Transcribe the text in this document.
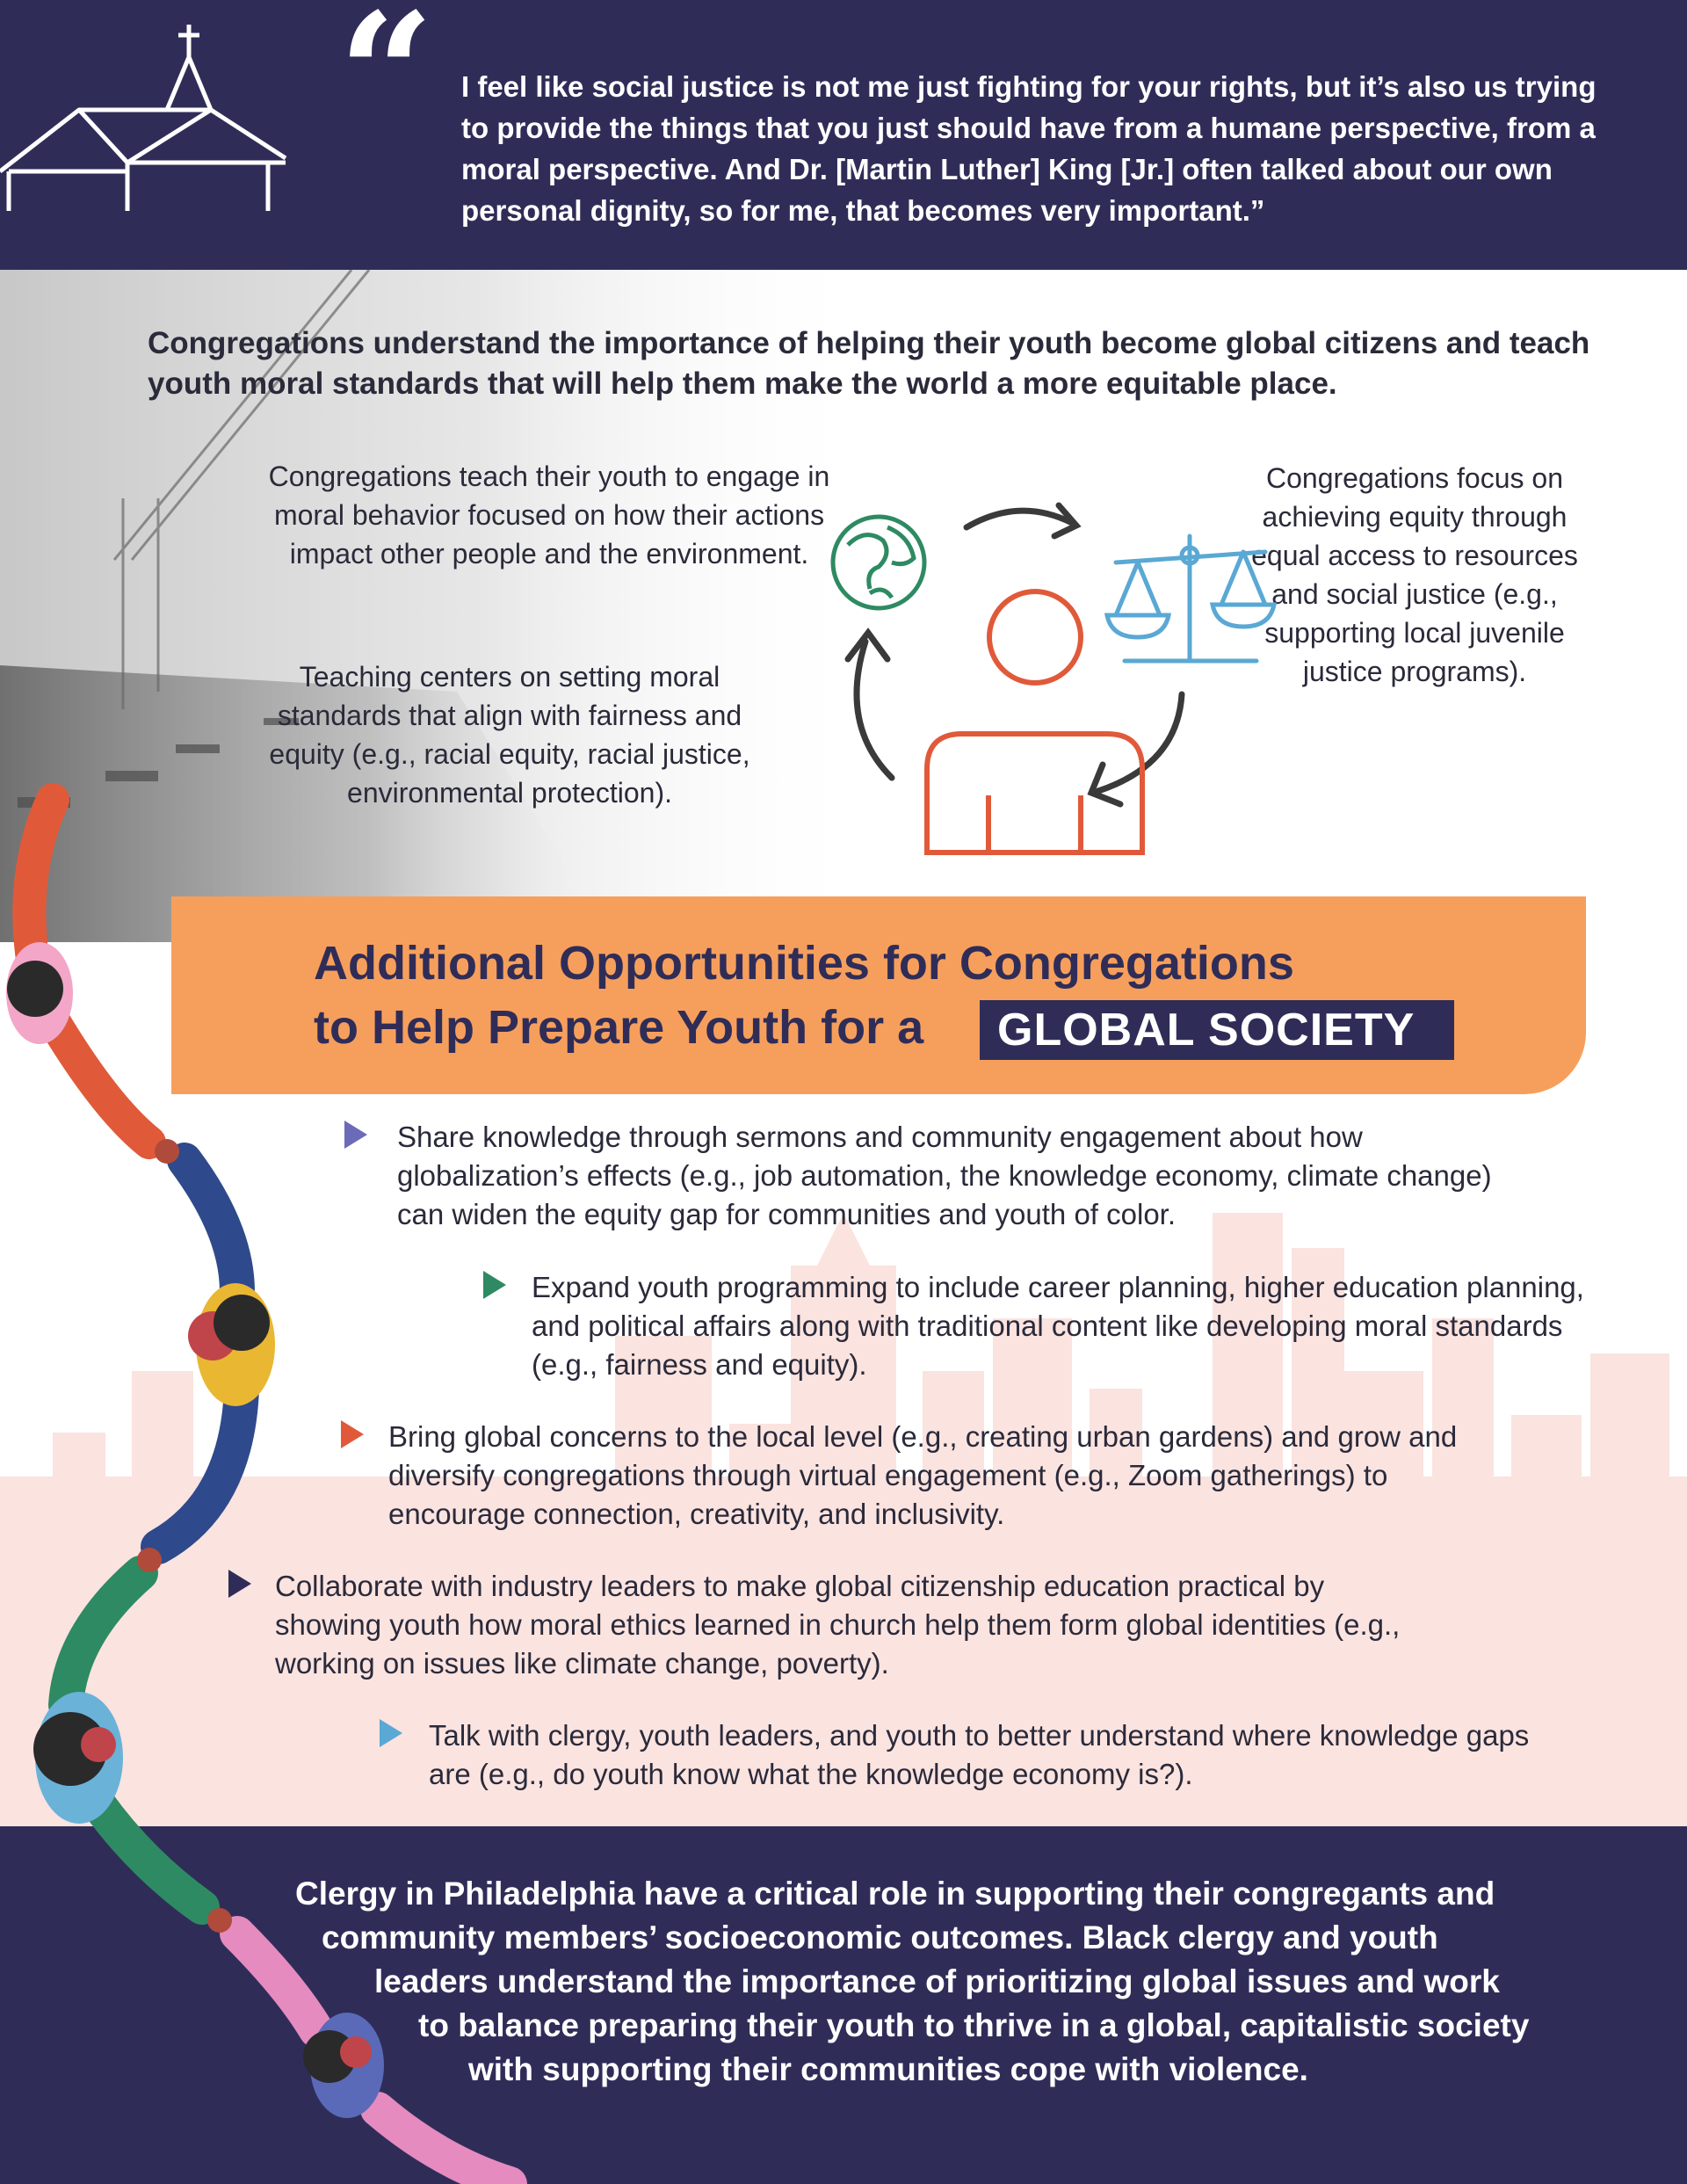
“ I feel like social justice is not me just fighting for your rights, but it’s also us trying to provide the things that you just should have from a humane perspective, from a moral perspective. And Dr. [Martin Luther] King [Jr.] often talked about our own personal dignity, so for me, that becomes very important.”
Congregations understand the importance of helping their youth become global citizens and teach youth moral standards that will help them make the world a more equitable place.
Congregations teach their youth to engage in moral behavior focused on how their actions impact other people and the environment.
Teaching centers on setting moral standards that align with fairness and equity (e.g., racial equity, racial justice, environmental protection).
Congregations focus on achieving equity through equal access to resources and social justice (e.g., supporting local juvenile justice programs).
Additional Opportunities for Congregations
to Help Prepare Youth for a GLOBAL SOCIETY
Share knowledge through sermons and community engagement about how globalization’s effects (e.g., job automation, the knowledge economy, climate change) can widen the equity gap for communities and youth of color.
Expand youth programming to include career planning, higher education planning, and political affairs along with traditional content like developing moral standards (e.g., fairness and equity).
Bring global concerns to the local level (e.g., creating urban gardens) and grow and diversify congregations through virtual engagement (e.g., Zoom gatherings) to encourage connection, creativity, and inclusivity.
Collaborate with industry leaders to make global citizenship education practical by showing youth how moral ethics learned in church help them form global identities (e.g., working on issues like climate change, poverty).
Talk with clergy, youth leaders, and youth to better understand where knowledge gaps are (e.g., do youth know what the knowledge economy is?).
Clergy in Philadelphia have a critical role in supporting their congregants and
community members’ socioeconomic outcomes. Black clergy and youth
leaders understand the importance of prioritizing global issues and work
to balance preparing their youth to thrive in a global, capitalistic society
with supporting their communities cope with violence.
